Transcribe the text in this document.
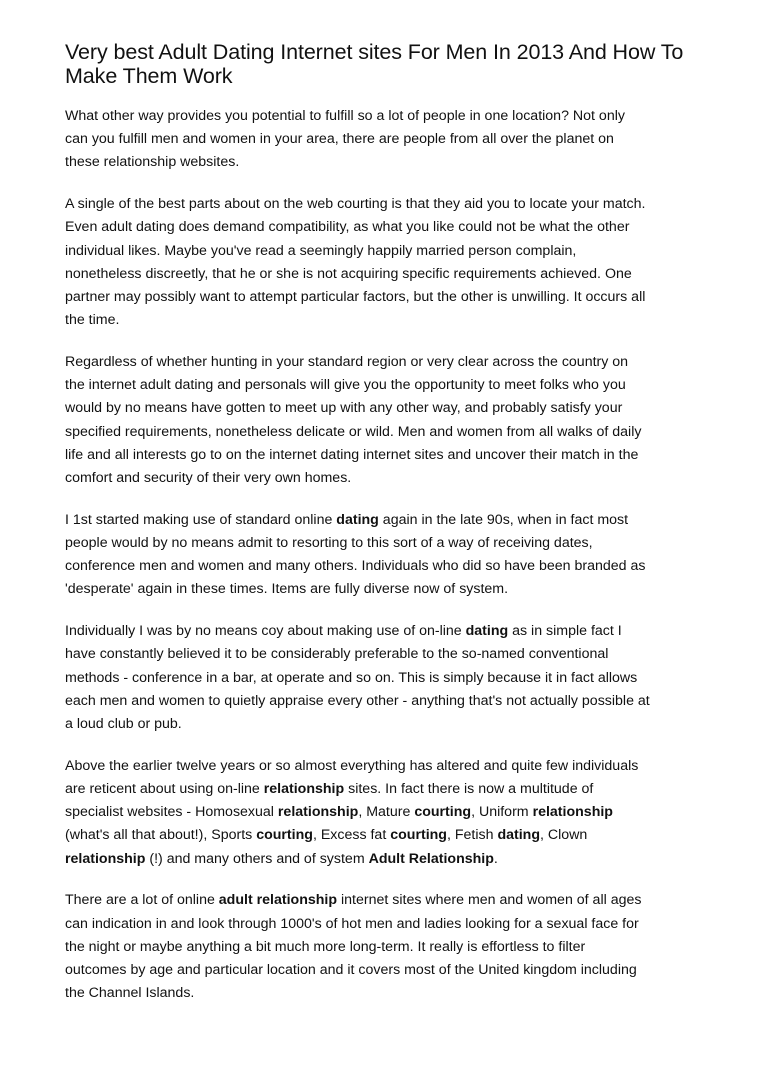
Very best Adult Dating Internet sites For Men In 2013 And How To Make Them Work

What other way provides you potential to fulfill so a lot of people in one location? Not only
can you fulfill men and women in your area, there are people from all over the planet on
these relationship websites.

A single of the best parts about on the web courting is that they aid you to locate your match.
Even adult dating does demand compatibility, as what you like could not be what the other
individual likes. Maybe you've read a seemingly happily married person complain,
nonetheless discreetly, that he or she is not acquiring specific requirements achieved. One
partner may possibly want to attempt particular factors, but the other is unwilling. It occurs all
the time.

Regardless of whether hunting in your standard region or very clear across the country on
the internet adult dating and personals will give you the opportunity to meet folks who you
would by no means have gotten to meet up with any other way, and probably satisfy your
specified requirements, nonetheless delicate or wild. Men and women from all walks of daily
life and all interests go to on the internet dating internet sites and uncover their match in the
comfort and security of their very own homes.

I 1st started making use of standard online dating again in the late 90s, when in fact most
people would by no means admit to resorting to this sort of a way of receiving dates,
conference men and women and many others. Individuals who did so have been branded as
'desperate' again in these times. Items are fully diverse now of system.

Individually I was by no means coy about making use of on-line dating as in simple fact I
have constantly believed it to be considerably preferable to the so-named conventional
methods - conference in a bar, at operate and so on. This is simply because it in fact allows
each men and women to quietly appraise every other - anything that's not actually possible at
a loud club or pub.

Above the earlier twelve years or so almost everything has altered and quite few individuals
are reticent about using on-line relationship sites. In fact there is now a multitude of
specialist websites - Homosexual relationship, Mature courting, Uniform relationship
(what's all that about!), Sports courting, Excess fat courting, Fetish dating, Clown
relationship (!) and many others and of system Adult Relationship.

There are a lot of online adult relationship internet sites where men and women of all ages
can indication in and look through 1000's of hot men and ladies looking for a sexual face for
the night or maybe anything a bit much more long-term. It really is effortless to filter
outcomes by age and particular location and it covers most of the United kingdom including
the Channel Islands.
